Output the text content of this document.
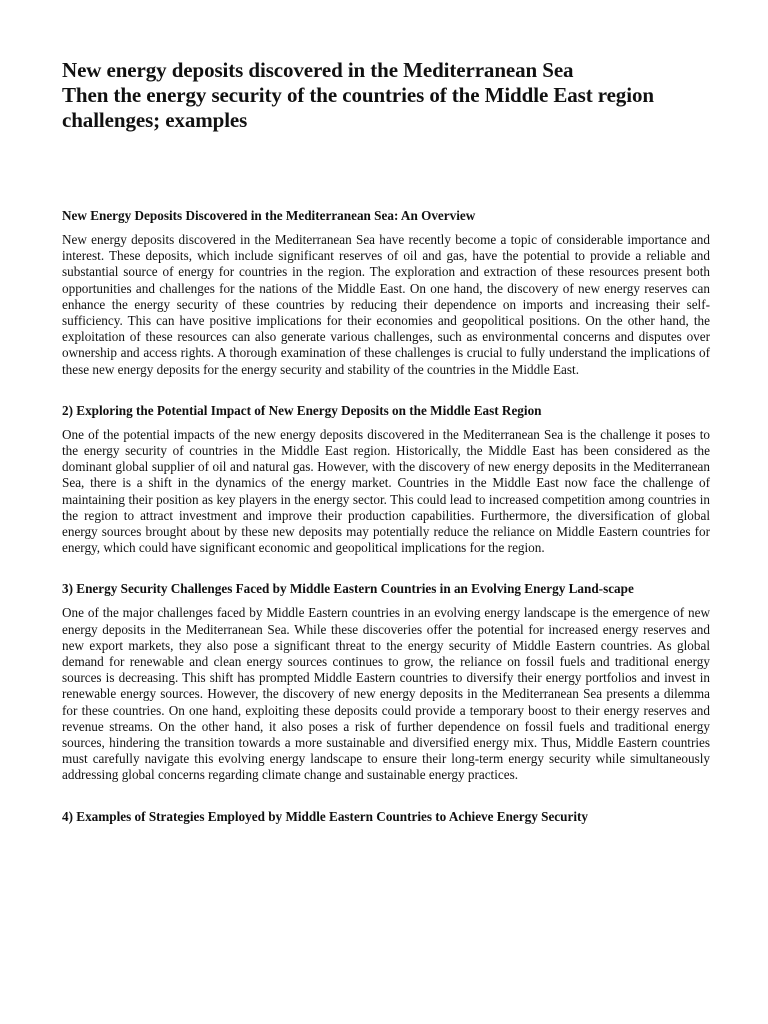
New energy deposits discovered in the Mediterranean Sea
Then the energy security of the countries of the Middle East region
challenges; examples
New Energy Deposits Discovered in the Mediterranean Sea: An Overview

New energy deposits discovered in the Mediterranean Sea have recently become a topic of considerable importance and interest. These deposits, which include significant reserves of oil and gas, have the potential to provide a reliable and substantial source of energy for countries in the region. The exploration and extraction of these resources present both opportunities and challenges for the nations of the Middle East. On one hand, the discovery of new energy reserves can enhance the energy security of these countries by reducing their dependence on imports and increasing their self-sufficiency. This can have positive implications for their economies and geopolitical positions. On the other hand, the exploitation of these resources can also generate various challenges, such as environmental concerns and disputes over ownership and access rights. A thorough examination of these challenges is crucial to fully understand the implications of these new energy deposits for the energy security and stability of the countries in the Middle East.

2) Exploring the Potential Impact of New Energy Deposits on the Middle East Region

One of the potential impacts of the new energy deposits discovered in the Mediterranean Sea is the challenge it poses to the energy security of countries in the Middle East region. Historically, the Middle East has been considered as the dominant global supplier of oil and natural gas. However, with the discovery of new energy deposits in the Mediterranean Sea, there is a shift in the dynamics of the energy market. Countries in the Middle East now face the challenge of maintaining their position as key players in the energy sector. This could lead to increased competition among countries in the region to attract investment and improve their production capabilities. Furthermore, the diversification of global energy sources brought about by these new deposits may potentially reduce the reliance on Middle Eastern countries for energy, which could have significant economic and geopolitical implications for the region.

3) Energy Security Challenges Faced by Middle Eastern Countries in an Evolving Energy Land-scape

One of the major challenges faced by Middle Eastern countries in an evolving energy landscape is the emergence of new energy deposits in the Mediterranean Sea. While these discoveries offer the potential for increased energy reserves and new export markets, they also pose a significant threat to the energy security of Middle Eastern countries. As global demand for renewable and clean energy sources continues to grow, the reliance on fossil fuels and traditional energy sources is decreasing. This shift has prompted Middle Eastern countries to diversify their energy portfolios and invest in renewable energy sources. However, the discovery of new energy deposits in the Mediterranean Sea presents a dilemma for these countries. On one hand, exploiting these deposits could provide a temporary boost to their energy reserves and revenue streams. On the other hand, it also poses a risk of further dependence on fossil fuels and traditional energy sources, hindering the transition towards a more sustainable and diversified energy mix. Thus, Middle Eastern countries must carefully navigate this evolving energy landscape to ensure their long-term energy security while simultaneously addressing global concerns regarding climate change and sustainable energy practices.

4) Examples of Strategies Employed by Middle Eastern Countries to Achieve Energy Security
